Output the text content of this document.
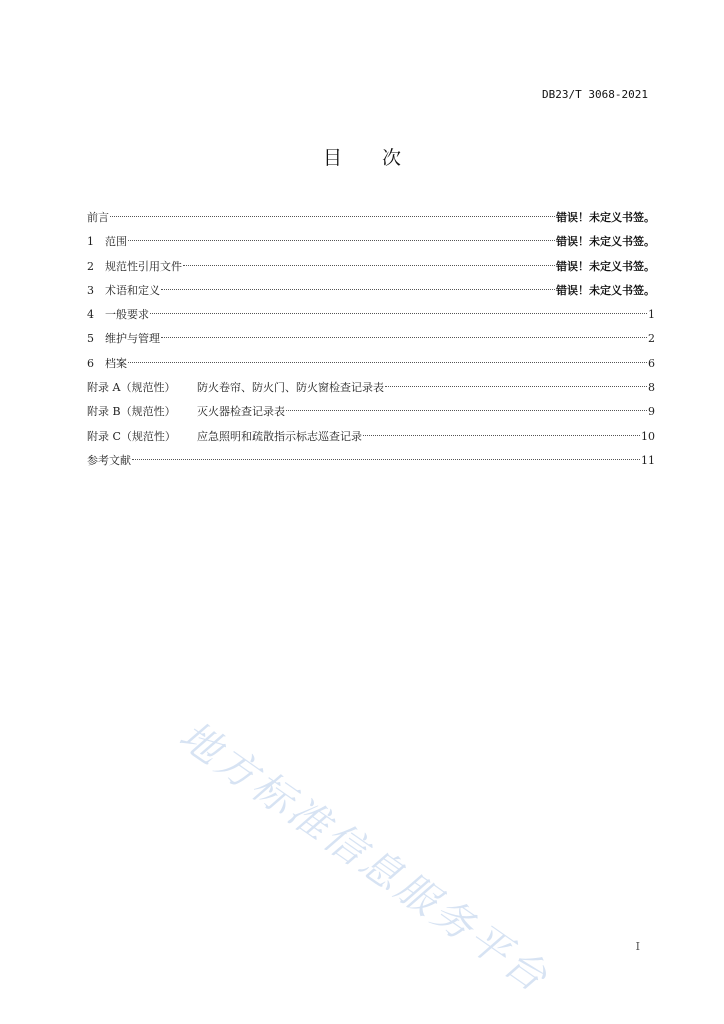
DB23/T 3068-2021
目 次
前言	错误！未定义书签。
1	范围	错误！未定义书签。
2	规范性引用文件	错误！未定义书签。
3	术语和定义	错误！未定义书签。
4	一般要求	1
5	维护与管理	2
6	档案	6
附录 A（规范性）	防火卷帘、防火门、防火窗检查记录表	8
附录 B（规范性）	灭火器检查记录表	9
附录 C（规范性）	应急照明和疏散指示标志巡查记录	10
参考文献	11
地方标准信息服务平台	I
